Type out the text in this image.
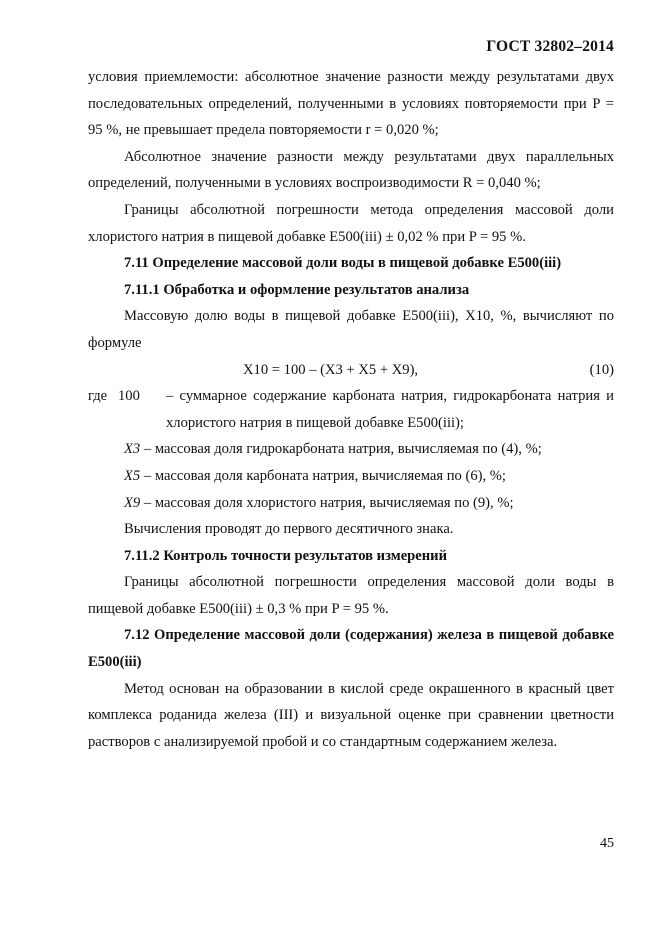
ГОСТ 32802–2014

условия приемлемости: абсолютное значение разности между результатами двух последовательных определений, полученными в условиях повторяемости при P = 95 %, не превышает предела повторяемости r = 0,020 %;

Абсолютное значение разности между результатами двух параллельных определений, полученными в условиях воспроизводимости R = 0,040 %;

Границы абсолютной погрешности метода определения массовой доли хлористого натрия в пищевой добавке E500(iii) ± 0,02 % при P = 95 %.

7.11 Определение массовой доли воды в пищевой добавке E500(iii)

7.11.1 Обработка и оформление результатов анализа

Массовую долю воды в пищевой добавке E500(iii), X10, %, вычисляют по формуле

X10 = 100 – (X3 + X5 + X9),	(10)

где 100 – суммарное содержание карбоната натрия, гидрокарбоната натрия и хлористого натрия в пищевой добавке E500(iii);

X3 – массовая доля гидрокарбоната натрия, вычисляемая по (4), %;

X5 – массовая доля карбоната натрия, вычисляемая по (6), %;

X9 – массовая доля хлористого натрия, вычисляемая по (9), %;

Вычисления проводят до первого десятичного знака.

7.11.2 Контроль точности результатов измерений

Границы абсолютной погрешности определения массовой доли воды в пищевой добавке E500(iii) ± 0,3 % при P = 95 %.

7.12 Определение массовой доли (содержания) железа в пищевой добавке E500(iii)

Метод основан на образовании в кислой среде окрашенного в красный цвет комплекса роданида железа (III) и визуальной оценке при сравнении цветности растворов с анализируемой пробой и со стандартным содержанием железа.

45
